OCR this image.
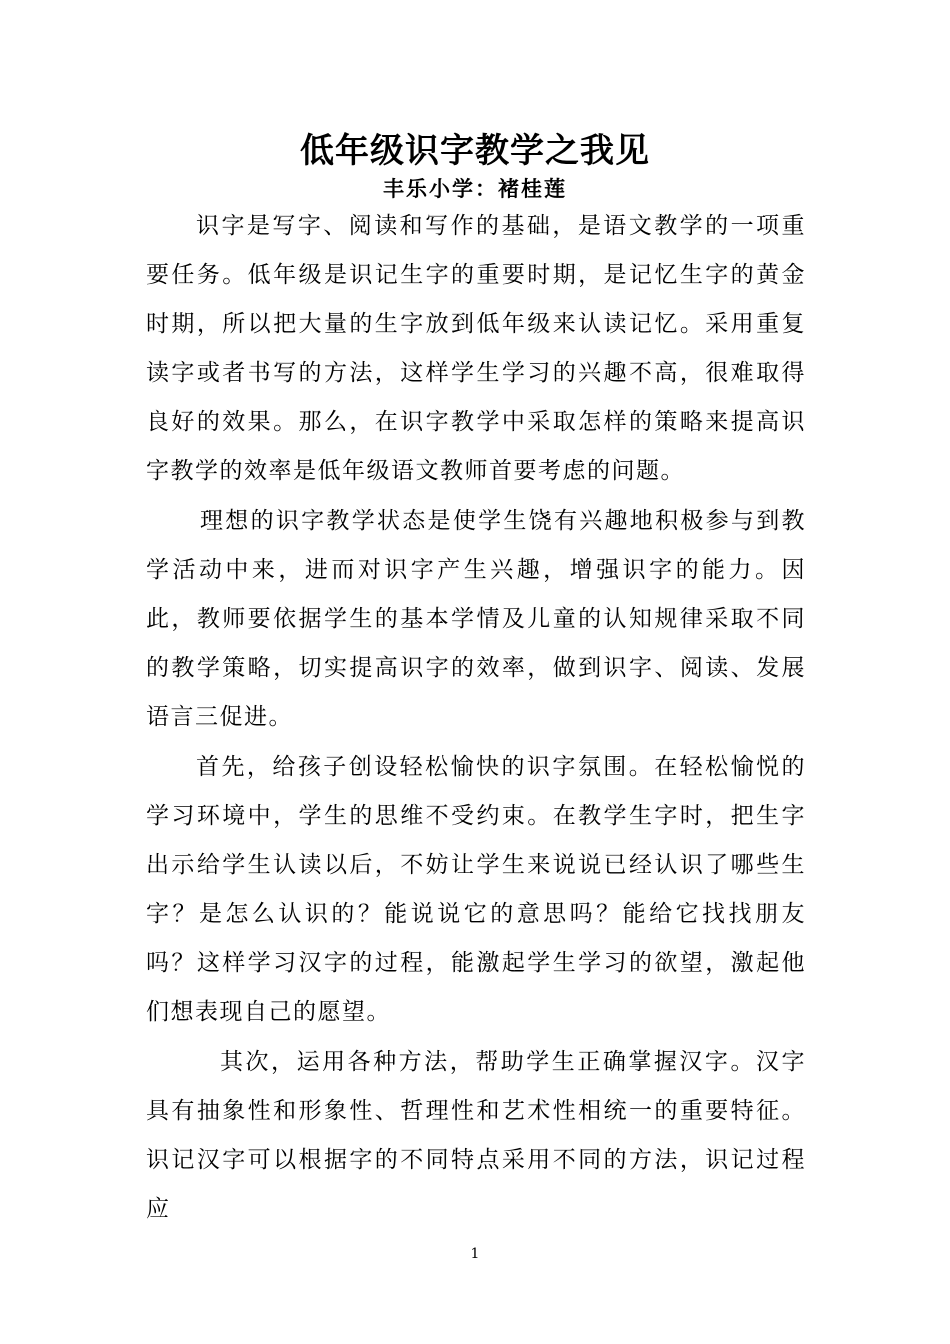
低年级识字教学之我见
丰乐小学：褚桂莲

识字是写字、阅读和写作的基础，是语文教学的一项重要任务。低年级是识记生字的重要时期，是记忆生字的黄金时期，所以把大量的生字放到低年级来认读记忆。采用重复读字或者书写的方法，这样学生学习的兴趣不高，很难取得良好的效果。那么，在识字教学中采取怎样的策略来提高识字教学的效率是低年级语文教师首要考虑的问题。

理想的识字教学状态是使学生饶有兴趣地积极参与到教学活动中来，进而对识字产生兴趣，增强识字的能力。因此，教师要依据学生的基本学情及儿童的认知规律采取不同的教学策略，切实提高识字的效率，做到识字、阅读、发展语言三促进。

首先，给孩子创设轻松愉快的识字氛围。在轻松愉悦的学习环境中，学生的思维不受约束。在教学生字时，把生字出示给学生认读以后，不妨让学生来说说已经认识了哪些生字？是怎么认识的？能说说它的意思吗？能给它找找朋友吗？这样学习汉字的过程，能激起学生学习的欲望，激起他们想表现自己的愿望。

其次，运用各种方法，帮助学生正确掌握汉字。汉字具有抽象性和形象性、哲理性和艺术性相统一的重要特征。识记汉字可以根据字的不同特点采用不同的方法，识记过程应

1
